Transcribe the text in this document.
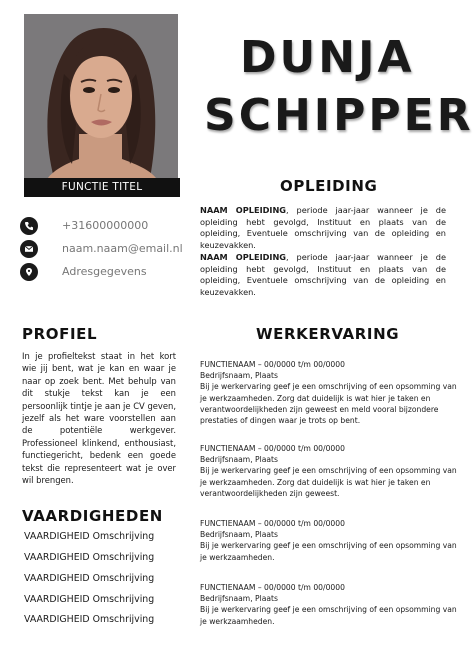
FUNCTIE TITEL
+31600000000
naam.naam@email.nl
Adresgegevens
DUNJA
SCHIPPER
OPLEIDING
NAAM OPLEIDING, periode jaar-jaar wanneer je de opleiding hebt gevolgd, Instituut en plaats van de opleiding, Eventuele omschrijving van de opleiding en keuzevakken.
NAAM OPLEIDING, periode jaar-jaar wanneer je de opleiding hebt gevolgd, Instituut en plaats van de opleiding, Eventuele omschrijving van de opleiding en keuzevakken.
PROFIEL
In je profieltekst staat in het kort wie jij bent, wat je kan en waar je naar op zoek bent. Met behulp van dit stukje tekst kan je een persoonlijk tintje je aan je CV geven, jezelf als het ware voorstellen aan de potentiële werkgever. Professioneel klinkend, enthousiast, functiegericht, bedenk een goede tekst die representeert wat je over wil brengen.
VAARDIGHEDEN
VAARDIGHEID Omschrijving
VAARDIGHEID Omschrijving
VAARDIGHEID Omschrijving
VAARDIGHEID Omschrijving
VAARDIGHEID Omschrijving
WERKERVARING
FUNCTIENAAM – 00/0000 t/m 00/0000
Bedrijfsnaam, Plaats
Bij je werkervaring geef je een omschrijving of een opsomming van
je werkzaamheden. Zorg dat duidelijk is wat hier je taken en
verantwoordelijkheden zijn geweest en meld vooral bijzondere
prestaties of dingen waar je trots op bent.
FUNCTIENAAM – 00/0000 t/m 00/0000
Bedrijfsnaam, Plaats
Bij je werkervaring geef je een omschrijving of een opsomming van
je werkzaamheden. Zorg dat duidelijk is wat hier je taken en
verantwoordelijkheden zijn geweest.
FUNCTIENAAM – 00/0000 t/m 00/0000
Bedrijfsnaam, Plaats
Bij je werkervaring geef je een omschrijving of een opsomming van
je werkzaamheden.
FUNCTIENAAM – 00/0000 t/m 00/0000
Bedrijfsnaam, Plaats
Bij je werkervaring geef je een omschrijving of een opsomming van
je werkzaamheden.
